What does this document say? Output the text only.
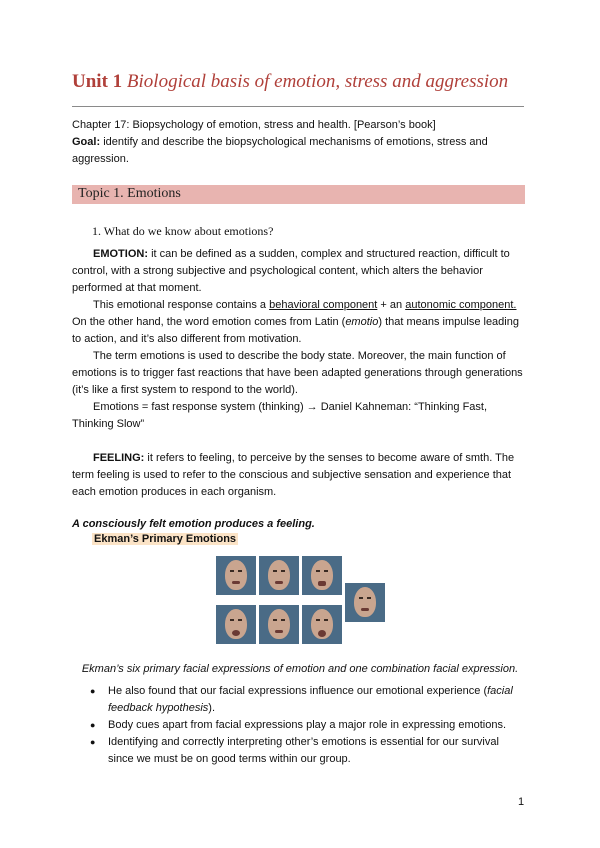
Unit 1 Biological basis of emotion, stress and aggression
Chapter 17: Biopsychology of emotion, stress and health. [Pearson’s book]
Goal: identify and describe the biopsychological mechanisms of emotions, stress and aggression.
Topic 1. Emotions
1. What do we know about emotions?
EMOTION: it can be defined as a sudden, complex and structured reaction, difficult to control, with a strong subjective and psychological content, which alters the behavior performed at that moment.
This emotional response contains a behavioral component + an autonomic component. On the other hand, the word emotion comes from Latin (emotio) that means impulse leading to action, and it’s also different from motivation.
The term emotions is used to describe the body state. Moreover, the main function of emotions is to trigger fast reactions that have been adapted generations through generations (it’s like a first system to respond to the world).
Emotions = fast response system (thinking) → Daniel Kahneman: “Thinking Fast, Thinking Slow”
FEELING: it refers to feeling, to perceive by the senses to become aware of smth. The term feeling is used to refer to the conscious and subjective sensation and experience that each emotion produces in each organism.
A consciously felt emotion produces a feeling.
Ekman’s Primary Emotions
Ekman’s six primary facial expressions of emotion and one combination facial expression.
● He also found that our facial expressions influence our emotional experience (facial feedback hypothesis).
● Body cues apart from facial expressions play a major role in expressing emotions.
● Identifying and correctly interpreting other’s emotions is essential for our survival since we must be on good terms within our group.
1
